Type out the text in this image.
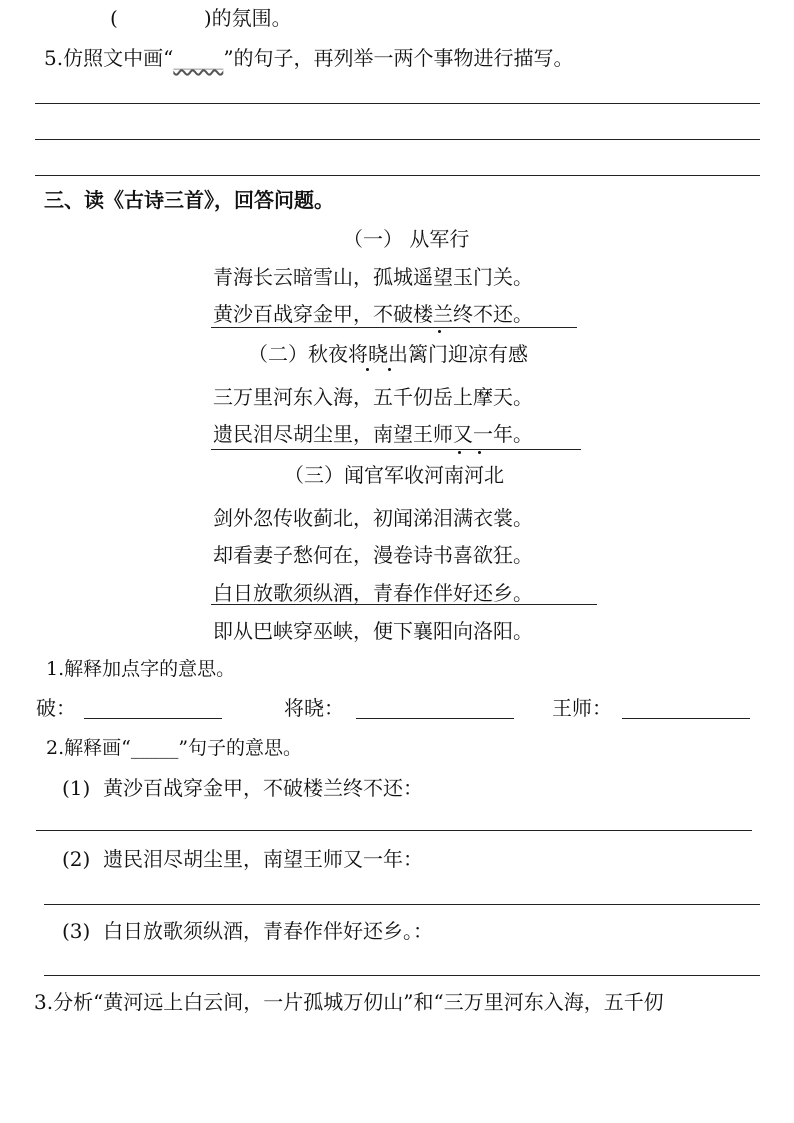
(	)的氛围。
5.仿照文中画“_____”的句子，再列举一两个事物进行描写。
三、读《古诗三首》，回答问题。
（一） 从军行
青海长云暗雪山，孤城遥望玉门关。
黄沙百战穿金甲，不破楼兰终不还。
（二）秋夜将晓出篱门迎凉有感
三万里河东入海，五千仞岳上摩天。
遗民泪尽胡尘里，南望王师又一年。
（三）闻官军收河南河北
剑外忽传收蓟北，初闻涕泪满衣裳。
却看妻子愁何在，漫卷诗书喜欲狂。
白日放歌须纵酒，青春作伴好还乡。
即从巴峡穿巫峡，便下襄阳向洛阳。
1.解释加点字的意思。
破：	将晓：	王师：
2.解释画“_____”句子的意思。
(1) 黄沙百战穿金甲，不破楼兰终不还：
(2) 遗民泪尽胡尘里，南望王师又一年：
(3) 白日放歌须纵酒，青春作伴好还乡。：
3.分析“黄河远上白云间，一片孤城万仞山”和“三万里河东入海，五千仞
